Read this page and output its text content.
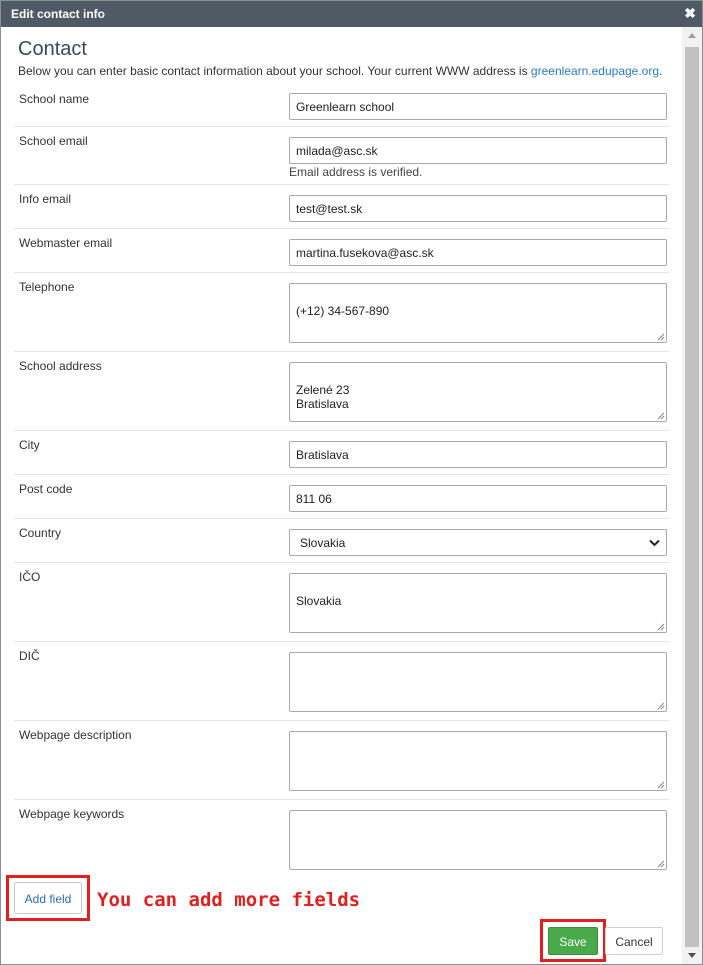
Edit contact info	✖
Contact
Below you can enter basic contact information about your school. Your current WWW address is greenlearn.edupage.org.
School name
Greenlearn school
School email
milada@asc.sk
Email address is verified.
Info email
test@test.sk
Webmaster email
martina.fusekova@asc.sk
Telephone

(+12) 34-567-890

School address

Zelené 23
Bratislava

City
Bratislava
Post code
811 06
Country
Slovakia
IČO

Slovakia

DIČ

Webpage description

Webpage keywords

Add field	You can add more fields
Save	Cancel
